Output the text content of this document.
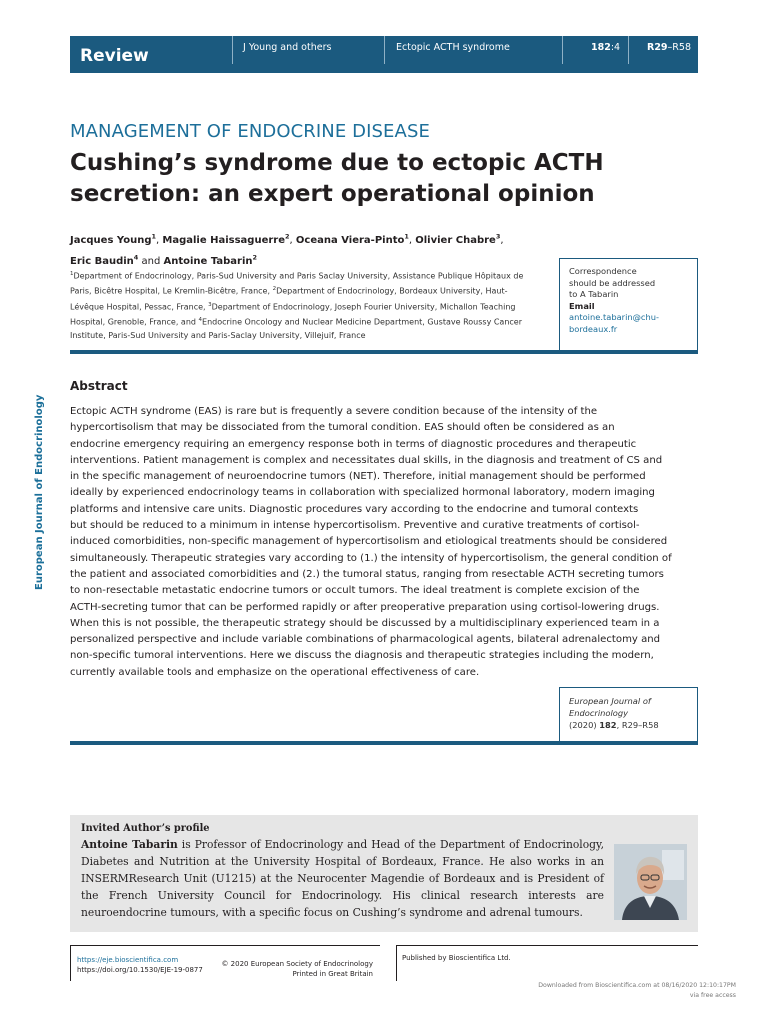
Review	J Young and others	Ectopic ACTH syndrome	182:4	R29–R58
European Journal of Endocrinology
MANAGEMENT OF ENDOCRINE DISEASE
Cushing’s syndrome due to ectopic ACTH
secretion: an expert operational opinion
Jacques Young$^1$, Magalie Haissaguerre$^2$, Oceana Viera-Pinto$^1$, Olivier Chabre$^3$,
Eric Baudin$^4$ and Antoine Tabarin$^2$
$^1$Department of Endocrinology, Paris-Sud University and Paris Saclay University, Assistance Publique Hôpitaux de Paris, Bicêtre Hospital, Le Kremlin-Bicêtre, France, $^2$Department of Endocrinology, Bordeaux University, Haut-Lévêque Hospital, Pessac, France, $^3$Department of Endocrinology, Joseph Fourier University, Michallon Teaching Hospital, Grenoble, France, and $^4$Endocrine Oncology and Nuclear Medicine Department, Gustave Roussy Cancer Institute, Paris-Sud University and Paris-Saclay University, Villejuif, France
Correspondence
should be addressed
to A Tabarin
Email
antoine.tabarin@chu-
bordeaux.fr
Abstract
Ectopic ACTH syndrome (EAS) is rare but is frequently a severe condition because of the intensity of the
hypercortisolism that may be dissociated from the tumoral condition. EAS should often be considered as an
endocrine emergency requiring an emergency response both in terms of diagnostic procedures and therapeutic
interventions. Patient management is complex and necessitates dual skills, in the diagnosis and treatment of CS and
in the specific management of neuroendocrine tumors (NET). Therefore, initial management should be performed
ideally by experienced endocrinology teams in collaboration with specialized hormonal laboratory, modern imaging
platforms and intensive care units. Diagnostic procedures vary according to the endocrine and tumoral contexts
but should be reduced to a minimum in intense hypercortisolism. Preventive and curative treatments of cortisol-
induced comorbidities, non-specific management of hypercortisolism and etiological treatments should be considered
simultaneously. Therapeutic strategies vary according to (1.) the intensity of hypercortisolism, the general condition of
the patient and associated comorbidities and (2.) the tumoral status, ranging from resectable ACTH secreting tumors
to non-resectable metastatic endocrine tumors or occult tumors. The ideal treatment is complete excision of the
ACTH-secreting tumor that can be performed rapidly or after preoperative preparation using cortisol-lowering drugs.
When this is not possible, the therapeutic strategy should be discussed by a multidisciplinary experienced team in a
personalized perspective and include variable combinations of pharmacological agents, bilateral adrenalectomy and
non-specific tumoral interventions. Here we discuss the diagnosis and therapeutic strategies including the modern,
currently available tools and emphasize on the operational effectiveness of care.
European Journal of
Endocrinology
(2020) 182, R29–R58
Invited Author’s profile
Antoine Tabarin is Professor of Endocrinology and Head of the Department of Endocrinology, Diabetes and Nutrition at the University Hospital of Bordeaux, France. He also works in an INSERMResearch Unit (U1215) at the Neurocenter Magendie of Bordeaux and is President of the French University Council for Endocrinology. His clinical research interests are neuroendocrine tumours, with a specific focus on Cushing’s syndrome and adrenal tumours.
https://eje.bioscientifica.com
https://doi.org/10.1530/EJE-19-0877
© 2020 European Society of Endocrinology
Printed in Great Britain
Published by Bioscientifica Ltd.
Downloaded from Bioscientifica.com at 08/16/2020 12:10:17PM
via free access
